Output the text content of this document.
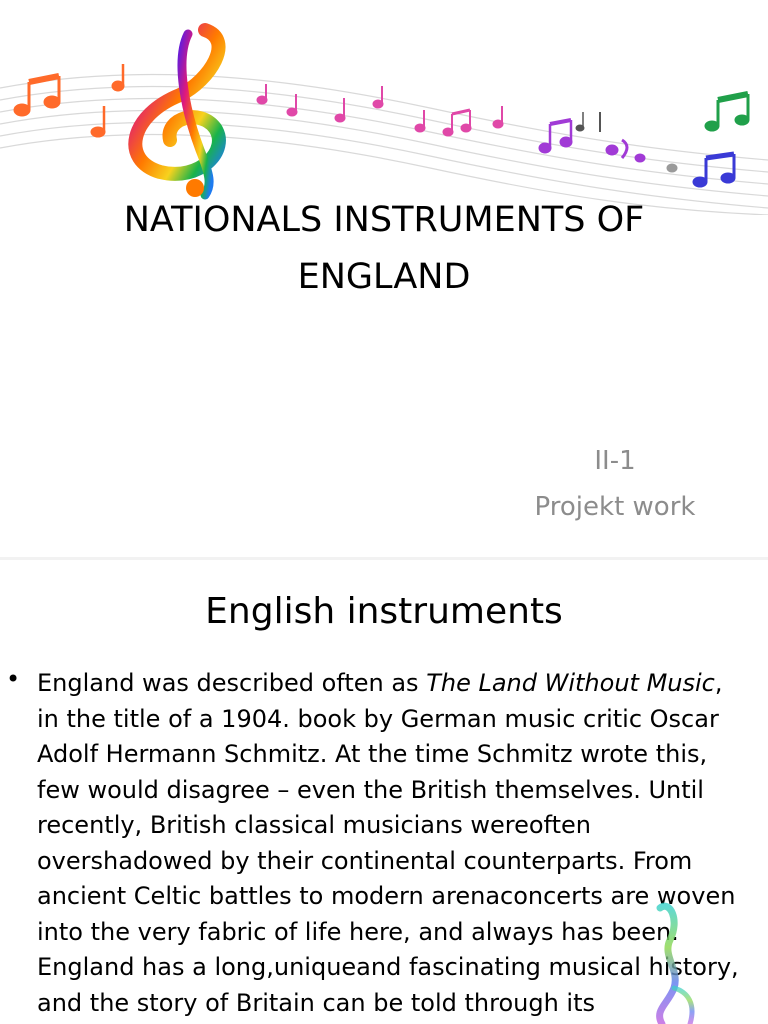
NATIONALS INSTRUMENTS OF
ENGLAND
II-1
Projekt work
English instruments
• England was described often as The Land Without Music,
in the title of a 1904. book by German music critic Oscar
Adolf Hermann Schmitz. At the time Schmitz wrote this,
few would disagree – even the British themselves. Until
recently, British classical musicians wereoften
overshadowed by their continental counterparts. From
ancient Celtic battles to modern arenaconcerts are woven
into the very fabric of life here, and always has been.
England has a long,uniqueand fascinating musical history,
and the story of Britain can be told through its
